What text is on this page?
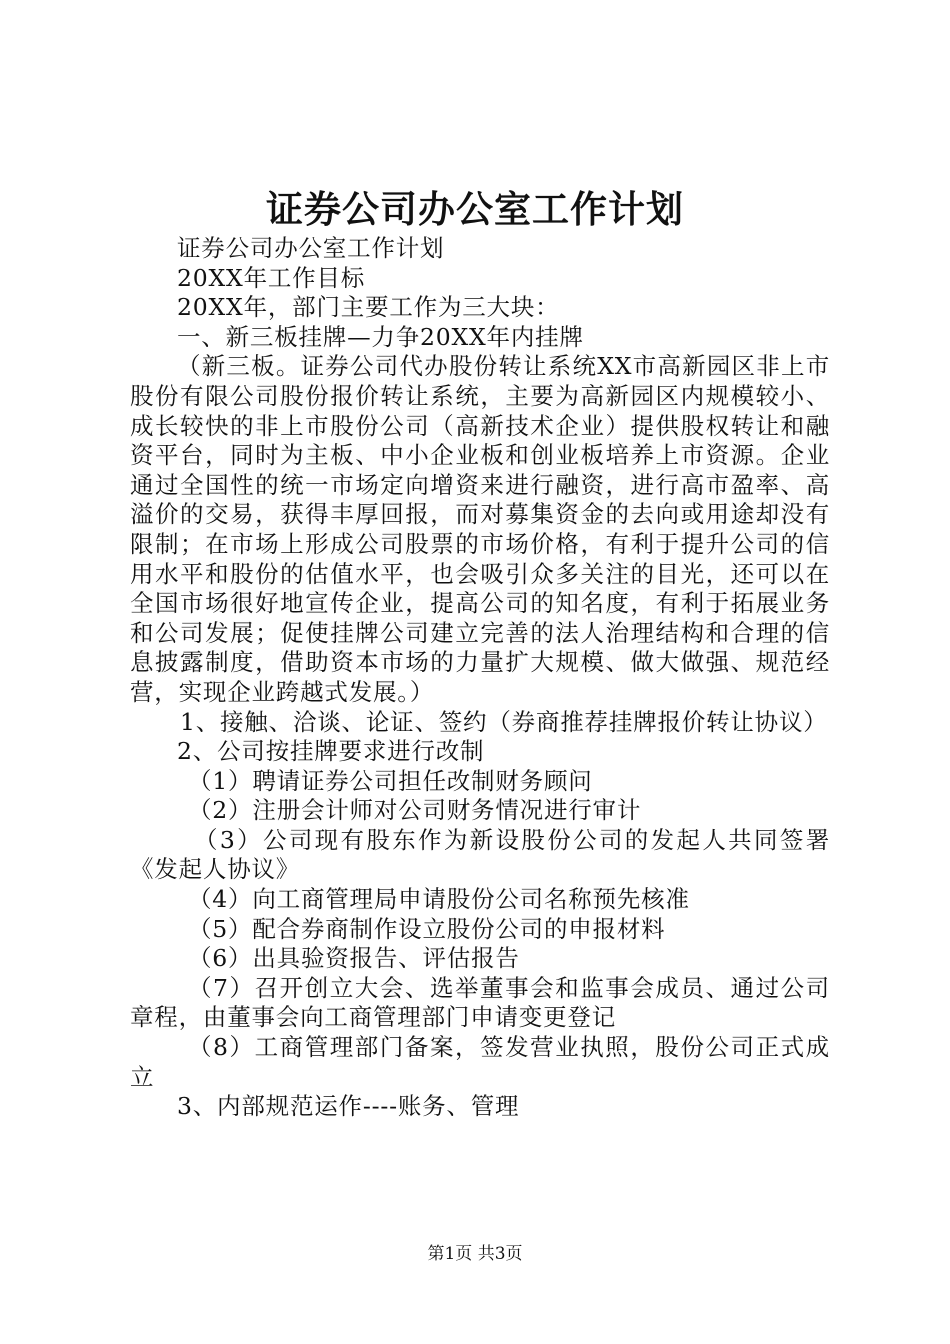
证券公司办公室工作计划

证券公司办公室工作计划

20XX年工作目标

20XX年，部门主要工作为三大块：

一、新三板挂牌—力争20XX年内挂牌

（新三板。证券公司代办股份转让系统XX市高新园区非上市股份有限公司股份报价转让系统，主要为高新园区内规模较小、成长较快的非上市股份公司（高新技术企业）提供股权转让和融资平台，同时为主板、中小企业板和创业板培养上市资源。企业通过全国性的统一市场定向增资来进行融资，进行高市盈率、高溢价的交易，获得丰厚回报，而对募集资金的去向或用途却没有限制；在市场上形成公司股票的市场价格，有利于提升公司的信用水平和股份的估值水平，也会吸引众多关注的目光，还可以在全国市场很好地宣传企业，提高公司的知名度，有利于拓展业务和公司发展；促使挂牌公司建立完善的法人治理结构和合理的信息披露制度，借助资本市场的力量扩大规模、做大做强、规范经营，实现企业跨越式发展。）

1、接触、洽谈、论证、签约（券商推荐挂牌报价转让协议）

2、公司按挂牌要求进行改制

（1）聘请证券公司担任改制财务顾问

（2）注册会计师对公司财务情况进行审计

（3）公司现有股东作为新设股份公司的发起人共同签署《发起人协议》

（4）向工商管理局申请股份公司名称预先核准

（5）配合券商制作设立股份公司的申报材料

（6）出具验资报告、评估报告

（7）召开创立大会、选举董事会和监事会成员、通过公司章程，由董事会向工商管理部门申请变更登记

（8）工商管理部门备案，签发营业执照，股份公司正式成立

3、内部规范运作----账务、管理

第1页 共3页
